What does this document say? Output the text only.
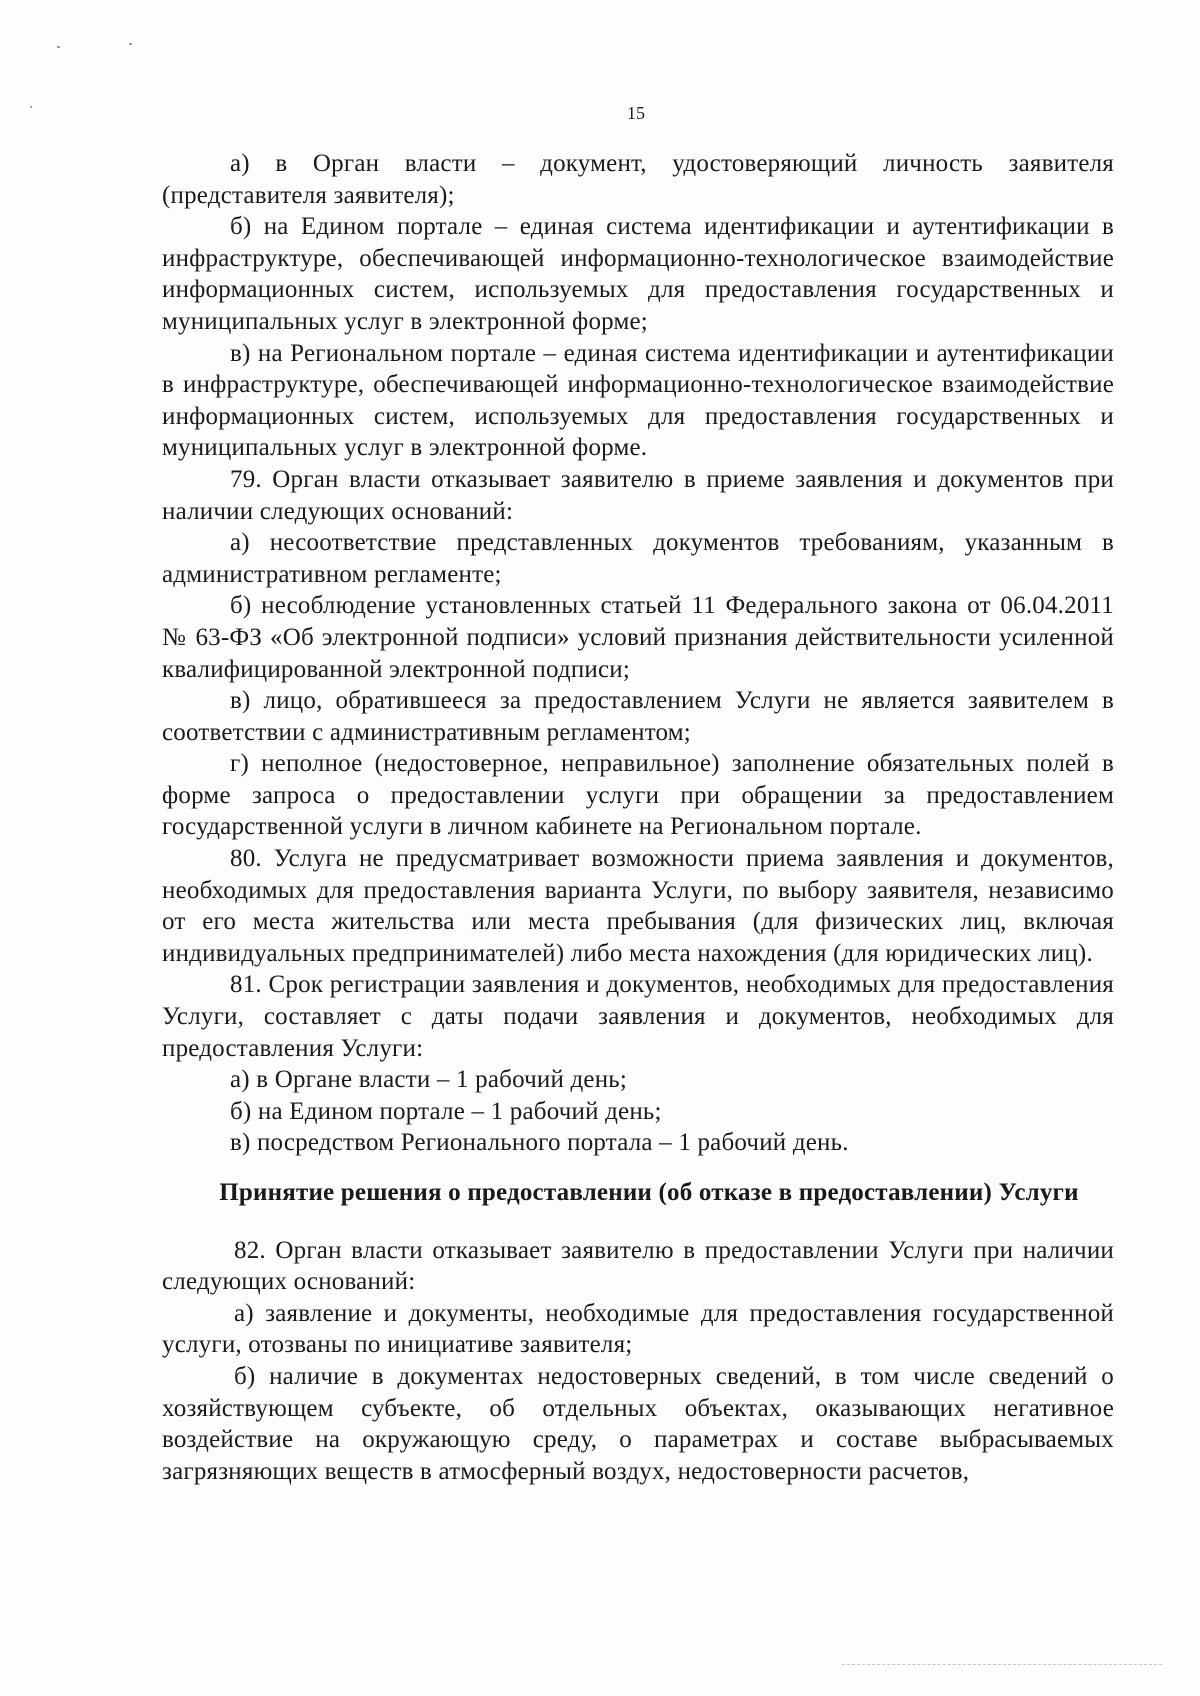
15

а) в Орган власти – документ, удостоверяющий личность заявителя (представителя заявителя);

б) на Едином портале – единая система идентификации и аутентификации в инфраструктуре, обеспечивающей информационно-технологическое взаимодействие информационных систем, используемых для предоставления государственных и муниципальных услуг в электронной форме;

в) на Региональном портале – единая система идентификации и аутентификации в инфраструктуре, обеспечивающей информационно-технологическое взаимодействие информационных систем, используемых для предоставления государственных и муниципальных услуг в электронной форме.

79. Орган власти отказывает заявителю в приеме заявления и документов при наличии следующих оснований:

а) несоответствие представленных документов требованиям, указанным в административном регламенте;

б) несоблюдение установленных статьей 11 Федерального закона от 06.04.2011 № 63-ФЗ «Об электронной подписи» условий признания действительности усиленной квалифицированной электронной подписи;

в) лицо, обратившееся за предоставлением Услуги не является заявителем в соответствии с административным регламентом;

г) неполное (недостоверное, неправильное) заполнение обязательных полей в форме запроса о предоставлении услуги при обращении за предоставлением государственной услуги в личном кабинете на Региональном портале.

80. Услуга не предусматривает возможности приема заявления и документов, необходимых для предоставления варианта Услуги, по выбору заявителя, независимо от его места жительства или места пребывания (для физических лиц, включая индивидуальных предпринимателей) либо места нахождения (для юридических лиц).

81. Срок регистрации заявления и документов, необходимых для предоставления Услуги, составляет с даты подачи заявления и документов, необходимых для предоставления Услуги:

а) в Органе власти – 1 рабочий день;

б) на Едином портале – 1 рабочий день;

в) посредством Регионального портала – 1 рабочий день.

Принятие решения о предоставлении (об отказе в предоставлении) Услуги

82. Орган власти отказывает заявителю в предоставлении Услуги при наличии следующих оснований:

а) заявление и документы, необходимые для предоставления государственной услуги, отозваны по инициативе заявителя;

б) наличие в документах недостоверных сведений, в том числе сведений о хозяйствующем субъекте, об отдельных объектах, оказывающих негативное воздействие на окружающую среду, о параметрах и составе выбрасываемых загрязняющих веществ в атмосферный воздух, недостоверности расчетов,
